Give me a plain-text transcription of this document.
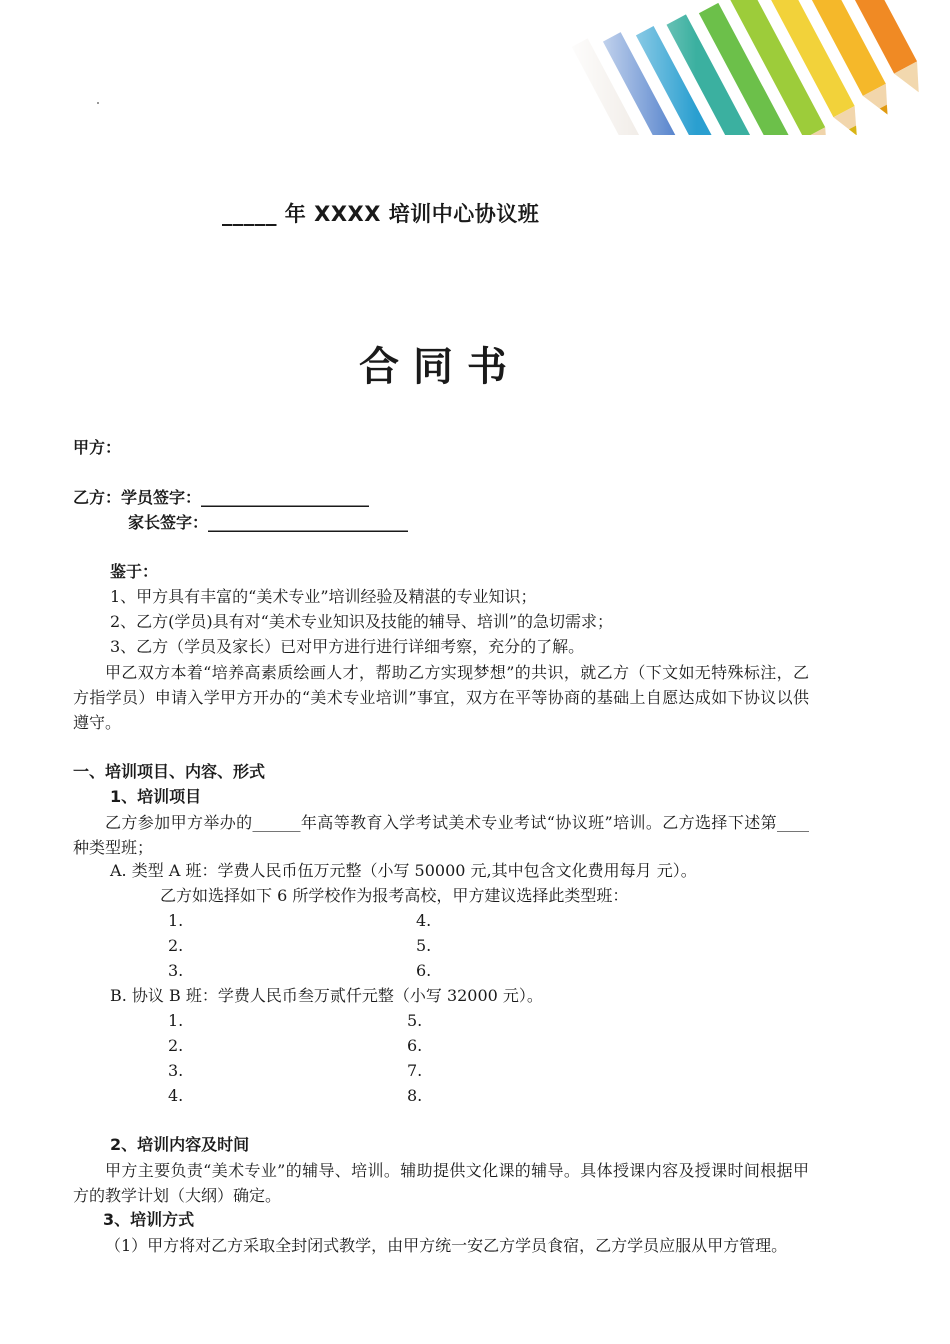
_____ 年 XXXX 培训中心协议班
合同书
甲方：
乙方：学员签字：_____________________
家长签字：_________________________
鉴于：
1、甲方具有丰富的“美术专业”培训经验及精湛的专业知识；
2、乙方(学员)具有对“美术专业知识及技能的辅导、培训”的急切需求；
3、乙方（学员及家长）已对甲方进行进行详细考察，充分的了解。
甲乙双方本着“培养高素质绘画人才，帮助乙方实现梦想”的共识，就乙方（下文如无特殊标注，乙方指学员）申请入学甲方开办的“美术专业培训”事宜，双方在平等协商的基础上自愿达成如下协议以供遵守。
一、培训项目、内容、形式
1、培训项目
乙方参加甲方举办的______年高等教育入学考试美术专业考试“协议班”培训。乙方选择下述第____种类型班；
A. 类型 A 班：学费人民币伍万元整（小写 50000 元,其中包含文化费用每月 元）。
乙方如选择如下 6 所学校作为报考高校，甲方建议选择此类型班：
1.
2.
3.
4.
5.
6.
B. 协议 B 班：学费人民币叁万贰仟元整（小写 32000 元）。
1.
2.
3.
4.
5.
6.
7.
8.
2、培训内容及时间
甲方主要负责“美术专业”的辅导、培训。辅助提供文化课的辅导。具体授课内容及授课时间根据甲方的教学计划（大纲）确定。
3、培训方式
（1）甲方将对乙方采取全封闭式教学，由甲方统一安乙方学员食宿，乙方学员应服从甲方管理。
